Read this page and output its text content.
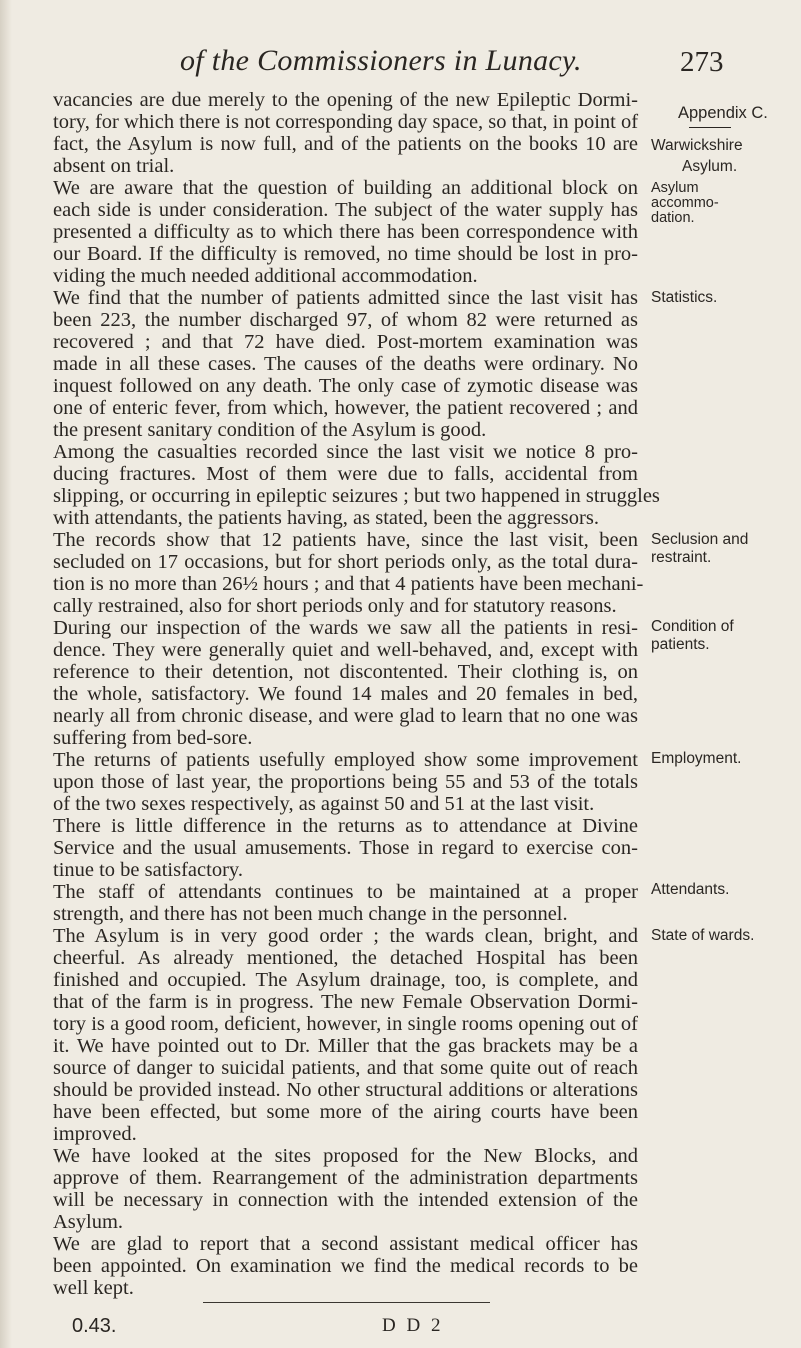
of the Commissioners in Lunacy.	273
vacancies are due merely to the opening of the new Epileptic Dormi-
tory, for which there is not corresponding day space, so that, in point of
fact, the Asylum is now full, and of the patients on the books 10 are
absent on trial.
We are aware that the question of building an additional block on
each side is under consideration. The subject of the water supply has
presented a difficulty as to which there has been correspondence with
our Board. If the difficulty is removed, no time should be lost in pro-
viding the much needed additional accommodation.
We find that the number of patients admitted since the last visit has
been 223, the number discharged 97, of whom 82 were returned as
recovered ; and that 72 have died. Post-mortem examination was
made in all these cases. The causes of the deaths were ordinary. No
inquest followed on any death. The only case of zymotic disease was
one of enteric fever, from which, however, the patient recovered ; and
the present sanitary condition of the Asylum is good.
Among the casualties recorded since the last visit we notice 8 pro-
ducing fractures. Most of them were due to falls, accidental from
slipping, or occurring in epileptic seizures ; but two happened in struggles
with attendants, the patients having, as stated, been the aggressors.
The records show that 12 patients have, since the last visit, been
secluded on 17 occasions, but for short periods only, as the total dura-
tion is no more than 26½ hours ; and that 4 patients have been mechani-
cally restrained, also for short periods only and for statutory reasons.
During our inspection of the wards we saw all the patients in resi-
dence. They were generally quiet and well-behaved, and, except with
reference to their detention, not discontented. Their clothing is, on
the whole, satisfactory. We found 14 males and 20 females in bed,
nearly all from chronic disease, and were glad to learn that no one was
suffering from bed-sore.
The returns of patients usefully employed show some improvement
upon those of last year, the proportions being 55 and 53 of the totals
of the two sexes respectively, as against 50 and 51 at the last visit.
There is little difference in the returns as to attendance at Divine
Service and the usual amusements. Those in regard to exercise con-
tinue to be satisfactory.
The staff of attendants continues to be maintained at a proper
strength, and there has not been much change in the personnel.
The Asylum is in very good order ; the wards clean, bright, and
cheerful. As already mentioned, the detached Hospital has been
finished and occupied. The Asylum drainage, too, is complete, and
that of the farm is in progress. The new Female Observation Dormi-
tory is a good room, deficient, however, in single rooms opening out of
it. We have pointed out to Dr. Miller that the gas brackets may be a
source of danger to suicidal patients, and that some quite out of reach
should be provided instead. No other structural additions or alterations
have been effected, but some more of the airing courts have been
improved.
We have looked at the sites proposed for the New Blocks, and
approve of them. Rearrangement of the administration departments
will be necessary in connection with the intended extension of the
Asylum.
We are glad to report that a second assistant medical officer has
been appointed. On examination we find the medical records to be
well kept.
Appendix C.
Warwickshire
Asylum.
Asylum
accommo-
dation.
Statistics.
Seclusion and
restraint.
Condition of
patients.
Employment.
Attendants.
State of wards.
0.43.	D D 2
